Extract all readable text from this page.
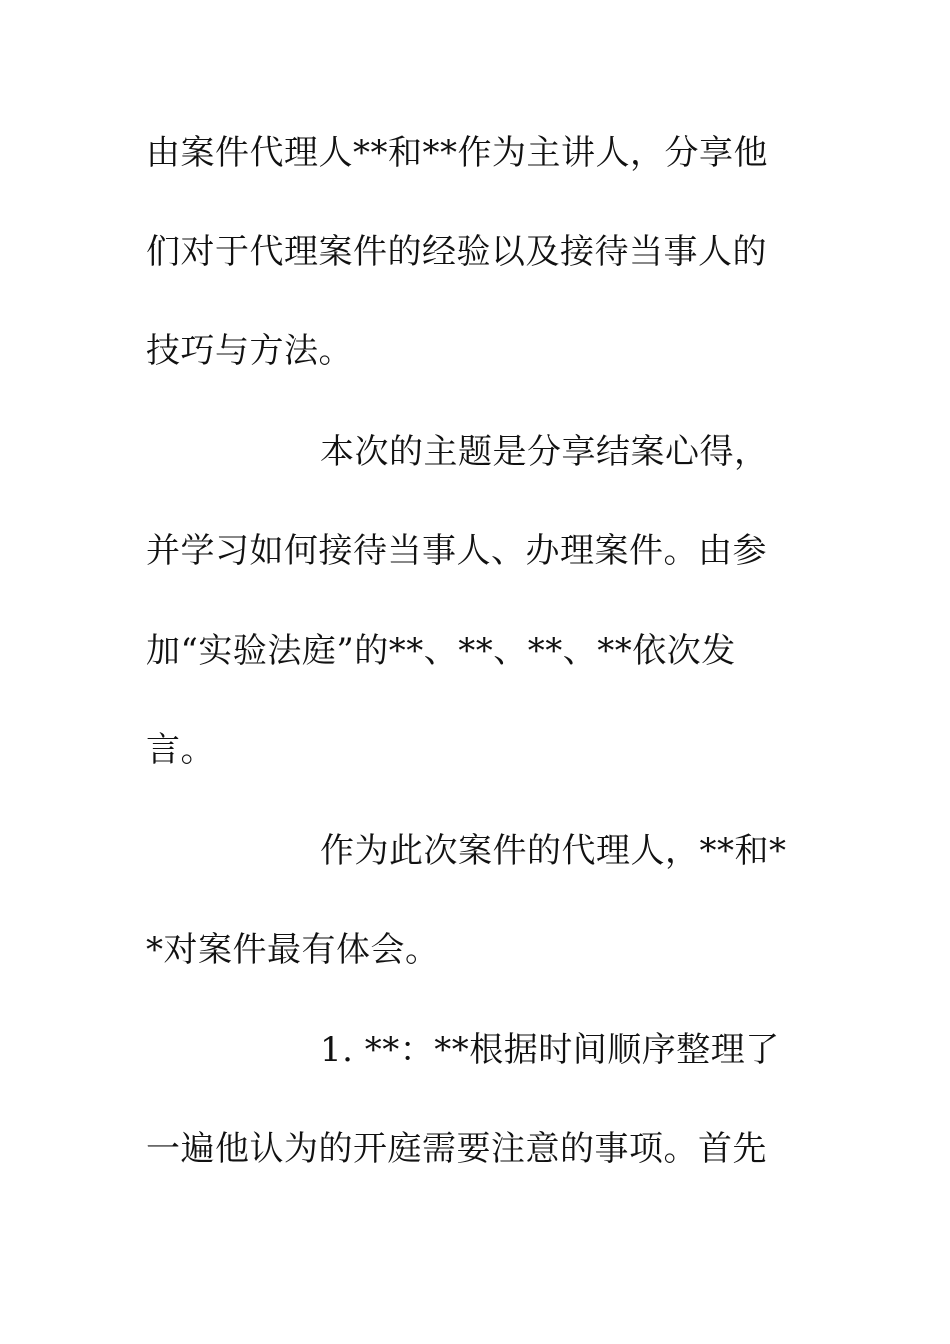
由案件代理人**和**作为主讲人，分享他
们对于代理案件的经验以及接待当事人的
技巧与方法。
本次的主题是分享结案心得，
并学习如何接待当事人、办理案件。由参
加“实验法庭”的**、**、**、**依次发
言。
作为此次案件的代理人，**和*
*对案件最有体会。
1. **：**根据时间顺序整理了
一遍他认为的开庭需要注意的事项。首先
